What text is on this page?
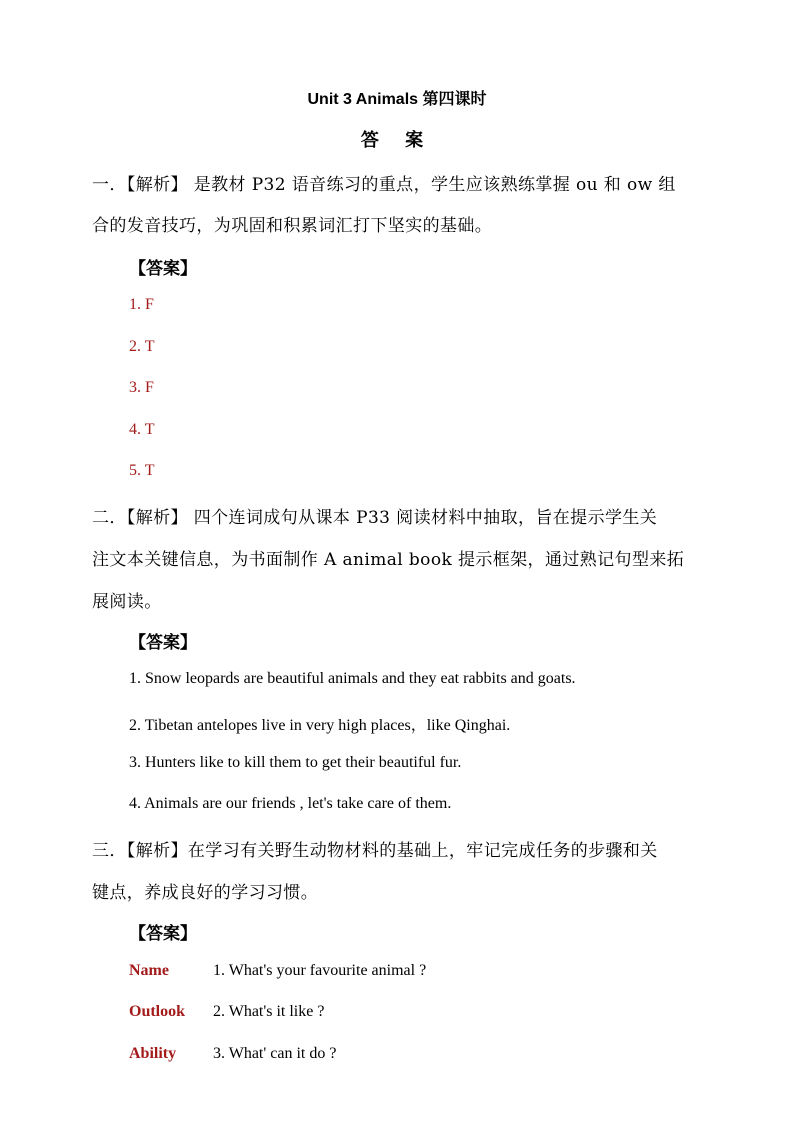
Unit 3 Animals 第四课时
答 案
一．【解析】 是教材 P32 语音练习的重点，学生应该熟练掌握 ou 和 ow 组
合的发音技巧，为巩固和积累词汇打下坚实的基础。
【答案】
1. F
2. T
3. F
4. T
5. T
二．【解析】 四个连词成句从课本 P33 阅读材料中抽取，旨在提示学生关
注文本关键信息，为书面制作 A animal book 提示框架，通过熟记句型来拓
展阅读。
【答案】
1. Snow leopards are beautiful animals and they eat rabbits and goats.
2. Tibetan antelopes live in very high places，like Qinghai.
3. Hunters like to kill them to get their beautiful fur.
4. Animals are our friends , let's take care of them.
三．【解析】在学习有关野生动物材料的基础上，牢记完成任务的步骤和关
键点，养成良好的学习习惯。
【答案】
Name	1. What's your favourite animal ?
Outlook 2. What's it like ?
Ability 3. What' can it do ?
